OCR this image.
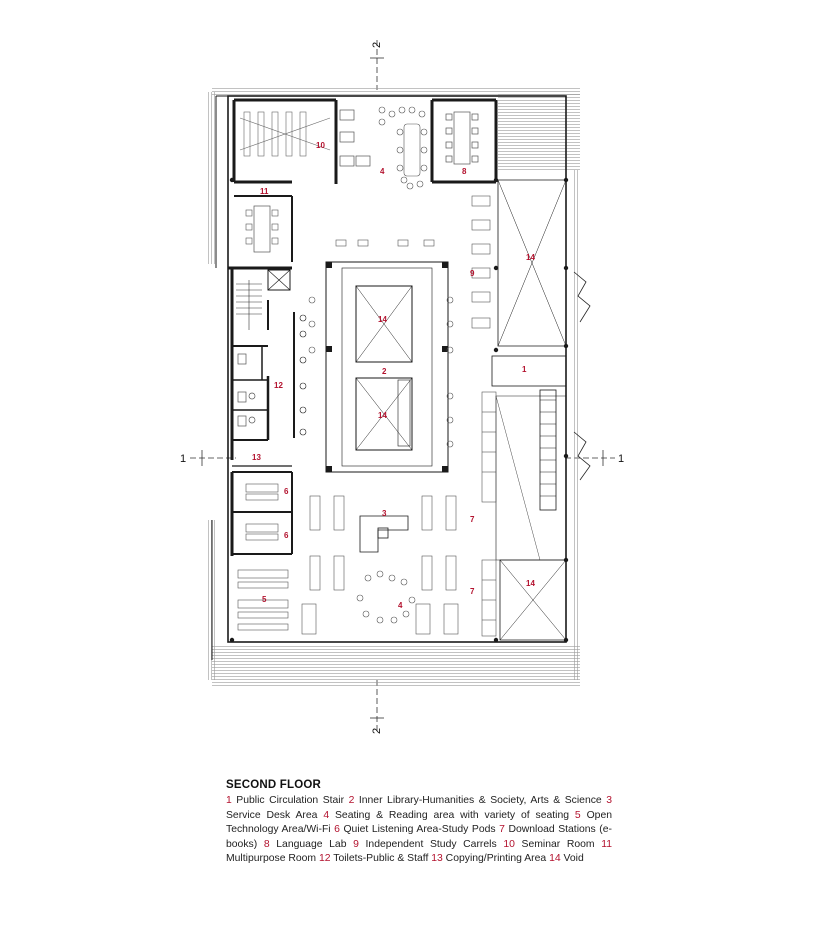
2
2
1	1
10
4	8
11
14
9
14
2
14
1
12
13
6
6
3
7
7
14
5
4
SECOND FLOOR
1 Public Circulation Stair 2 Inner Library-Humanities & Society, Arts & Science 3 Service Desk Area 4 Seating & Reading area with variety of seating 5 Open Technology Area/Wi-Fi 6 Quiet Listening Area-Study Pods 7 Download Stations (e-books) 8 Language Lab 9 Independent Study Carrels 10 Seminar Room 11 Multipurpose Room 12 Toilets-Public & Staff 13 Copying/Printing Area 14 Void
